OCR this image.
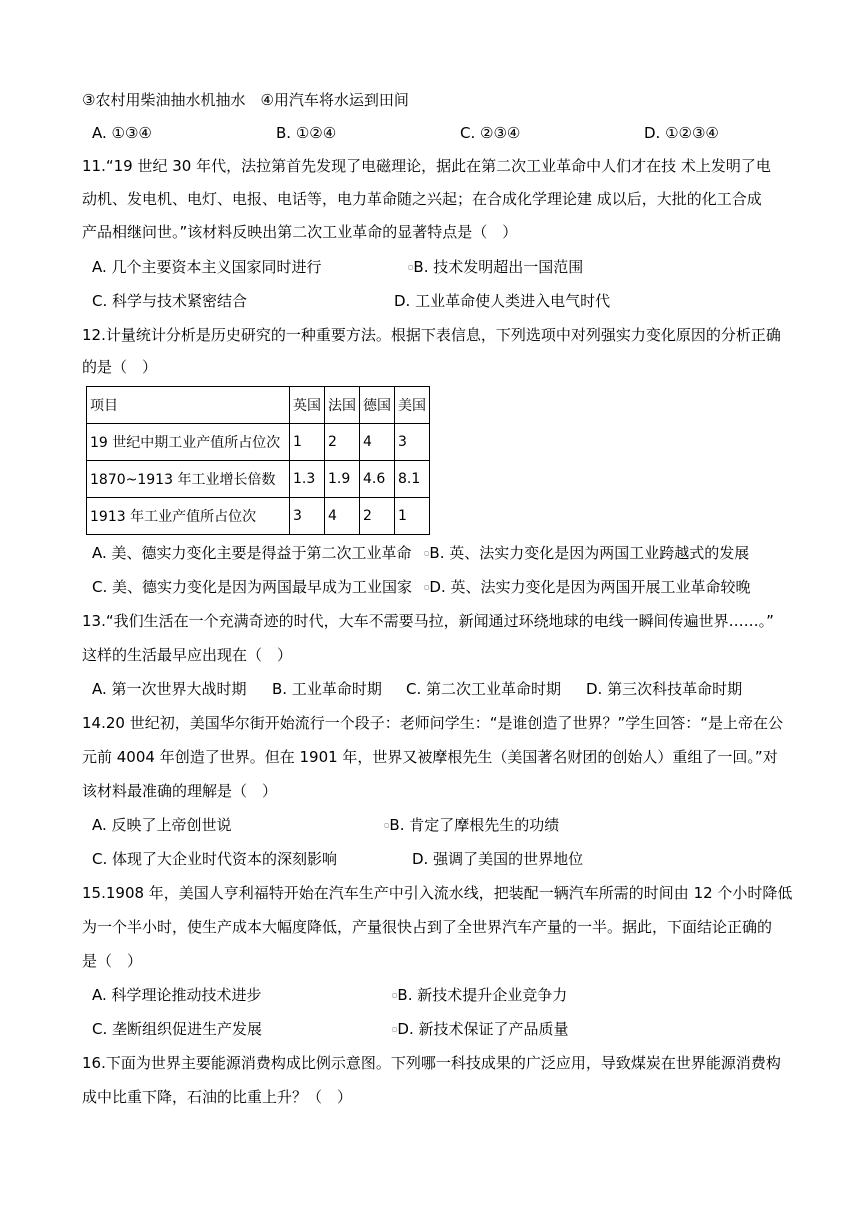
③农村用柴油抽水机抽水　④用汽车将水运到田间
A. ①③④	B. ①②④	C. ②③④	D. ①②③④
11.“19 世纪 30 年代，法拉第首先发现了电磁理论，据此在第二次工业革命中人们才在技 术上发明了电
动机、发电机、电灯、电报、电话等，电力革命随之兴起；在合成化学理论建 成以后，大批的化工合成
产品相继问世。”该材料反映出第二次工业革命的显著特点是（　）
A. 几个主要资本主义国家同时进行	▫B. 技术发明超出一国范围
C. 科学与技术紧密结合	D. 工业革命使人类进入电气时代
12.计量统计分析是历史研究的一种重要方法。根据下表信息，下列选项中对列强实力变化原因的分析正确
的是（　）
项目	英国	法国	德国	美国
19 世纪中期工业产值所占位次	1	2	4	3
1870~1913 年工业增长倍数	1.3	1.9	4.6	8.1
1913 年工业产值所占位次	3	4	2	1
A. 美、德实力变化主要是得益于第二次工业革命 ▫B. 英、法实力变化是因为两国工业跨越式的发展
C. 美、德实力变化是因为两国最早成为工业国家 ▫D. 英、法实力变化是因为两国开展工业革命较晚
13.“我们生活在一个充满奇迹的时代，大车不需要马拉，新闻通过环绕地球的电线一瞬间传遍世界……。”
这样的生活最早应出现在（　）
A. 第一次世界大战时期 B. 工业革命时期 C. 第二次工业革命时期 D. 第三次科技革命时期
14.20 世纪初，美国华尔街开始流行一个段子：老师问学生：“是谁创造了世界？”学生回答：“是上帝在公
元前 4004 年创造了世界。但在 1901 年，世界又被摩根先生（美国著名财团的创始人）重组了一回。”对
该材料最准确的理解是（　）
A. 反映了上帝创世说	▫B. 肯定了摩根先生的功绩
C. 体现了大企业时代资本的深刻影响	D. 强调了美国的世界地位
15.1908 年，美国人亨利福特开始在汽车生产中引入流水线，把装配一辆汽车所需的时间由 12 个小时降低
为一个半小时，使生产成本大幅度降低，产量很快占到了全世界汽车产量的一半。据此，下面结论正确的
是（　）
A. 科学理论推动技术进步	▫B. 新技术提升企业竞争力
C. 垄断组织促进生产发展	▫D. 新技术保证了产品质量
16.下面为世界主要能源消费构成比例示意图。下列哪一科技成果的广泛应用，导致煤炭在世界能源消费构
成中比重下降，石油的比重上升？（　）
